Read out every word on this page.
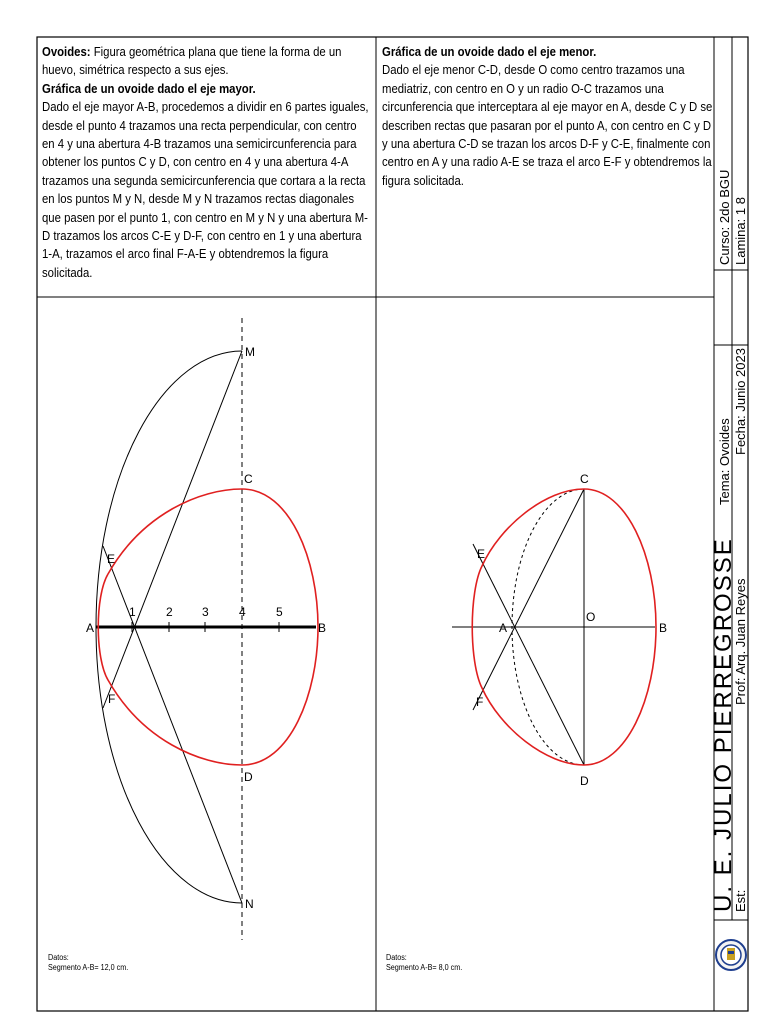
Ovoides: Figura geométrica plana que tiene la forma de un huevo, simétrica respecto a sus ejes.
Gráfica de un ovoide dado el eje mayor.
Dado el eje mayor A-B, procedemos a dividir en 6 partes iguales, desde el punto 4 trazamos una recta perpendicular, con centro en 4 y una abertura 4-B trazamos una semicircunferencia para obtener los puntos C y D, con centro en 4 y una abertura 4-A trazamos una segunda semicircunferencia que cortara a la recta en los puntos M y N, desde M y N trazamos rectas diagonales que pasen por el punto 1, con centro en M y N y una abertura M-D trazamos los arcos C-E y D-F, con centro en 1 y una abertura 1-A, trazamos el arco final F-A-E y obtendremos la figura solicitada.
Gráfica de un ovoide dado el eje menor.
Dado el eje menor C-D, desde O como centro trazamos una mediatriz, con centro en O y un radio O-C trazamos una circunferencia que interceptara al eje mayor en A, desde C y D se describen rectas que pasaran por el punto A, con centro en C y D y una abertura C-D se trazan los arcos D-F y C-E, finalmente con centro en A y una radio A-E se traza el arco E-F y obtendremos la figura solicitada.
M
C
E
A
1	2 3	4	5
B
F
D
N
C
E
A
O
B
F
D
Datos:
Segmento A-B= 12,0 cm.
Datos:
Segmento A-B= 8,0 cm.
U. E. JULIO PIERREGROSSE
Curso: 2do BGU Lamina: 1 8
Tema: Ovoides
Fecha: Junio 2023
Prof: Arq. Juan Reyes
Est:
